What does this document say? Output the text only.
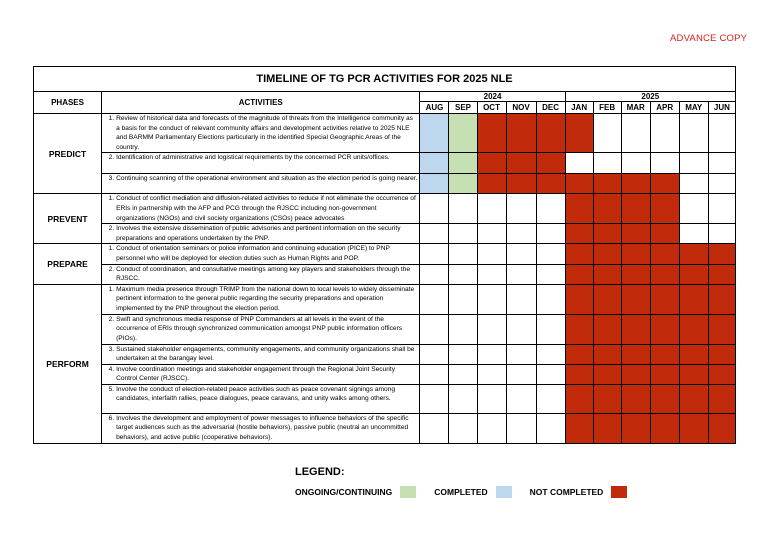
ADVANCE COPY
TIMELINE OF TG PCR ACTIVITIES FOR 2025 NLE												
PHASES	ACTIVITIES	2024					2025					
		AUG	SEP	OCT	NOV	DEC	JAN	FEB	MAR	APR	MAY	JUN
PREDICT	1. Review of historical data and forecasts of the magnitude of threats from the Intelligence community as a basis for the conduct of relevant community affairs and development activities relative to 2025 NLE and BARMM Parliamentary Elections particularly in the identified Special Geographic Areas of the country.											

	2. Identification of administrative and logistical requirements by the concerned PCR units/offices.											

	3. Continuing scanning of the operational environment and situation as the election period is going nearer.											

PREVENT	1. Conduct of conflict mediation and diffusion-related activities to reduce if not eliminate the occurrence of ERIs in partnership with the AFP and PCG through the RJSCC including non-government organizations (NGOs) and civil society organizations (CSOs) peace advocates											

	2. Involves the extensive dissemination of public advisories and pertinent information on the security preparations and operations undertaken by the PNP.											

PREPARE	1. Conduct of orientation seminars or police information and continuing education (PICE) to PNP personnel who will be deployed for election duties such as Human Rights and POP.											

	2. Conduct of coordination, and consultative meetings among key players and stakeholders through the RJSCC.											

PERFORM	1. Maximum media presence through TRIMP from the national down to local levels to widely disseminate pertinent information to the general public regarding the security preparations and operation implemented by the PNP throughout the election period.											

	2. Swift and synchronous media response of PNP Commanders at all levels in the event of the occurrence of ERIs through synchronized communication amongst PNP public information officers (PIOs).											

	3. Sustained stakeholder engagements, community engagements, and community organizations shall be undertaken at the barangay level.											

	4. Involve coordination meetings and stakeholder engagement through the Regional Joint Security Control Center (RJSCC).											

	5. Involve the conduct of election-related peace activities such as peace covenant signings among candidates, interfaith rallies, peace dialogues, peace caravans, and unity walks among others.											

	6. Involves the development and employment of power messages to influence behaviors of the specific target audiences such as the adversarial (hostile behaviors), passive public (neutral an uncommitted behaviors), and active public (cooperative behaviors).											

LEGEND:
ONGOING/CONTINUING	COMPLETED	NOT COMPLETED
